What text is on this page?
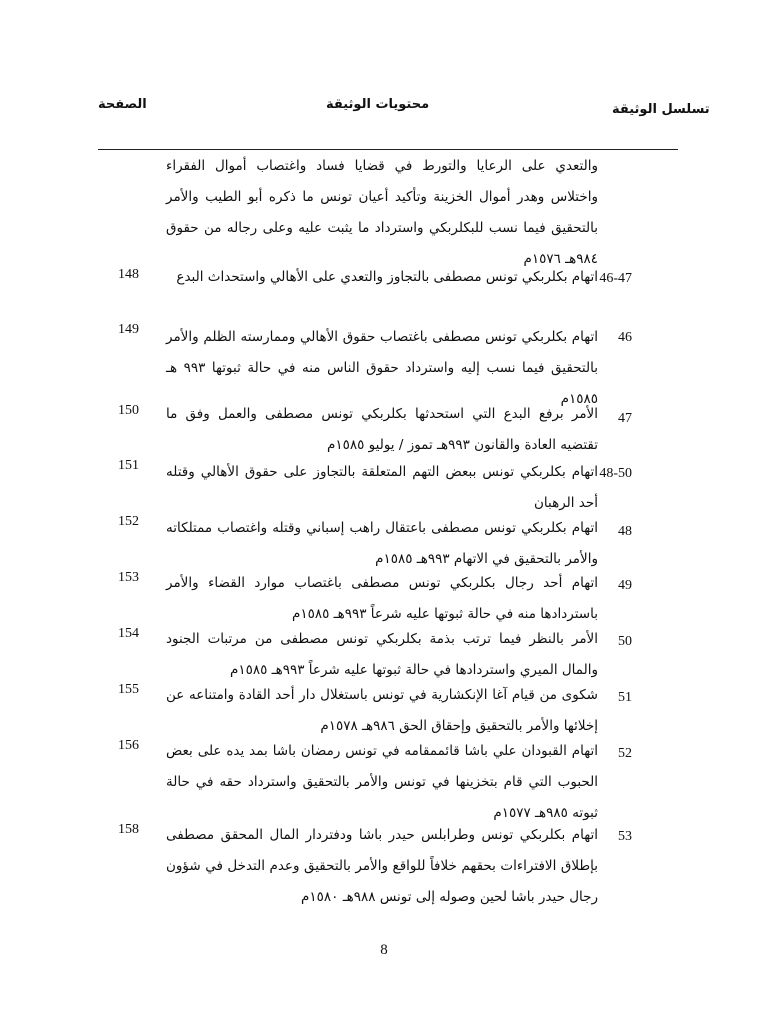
تسلسل الوثيقة
محتويات الوثيقة
الصفحة
والتعدي على الرعايا والتورط في قضايا فساد واغتصاب أموال الفقراء واختلاس وهدر أموال الخزينة وتأكيد أعيان تونس ما ذكره أبو الطيب والأمر بالتحقيق فيما نسب للبكلربكي واسترداد ما يثبت عليه وعلى رجاله من حقوق ٩٨٤هـ ١٥٧٦م
46-47
اتهام بكلربكي تونس مصطفى بالتجاوز والتعدي على الأهالي واستحداث البدع
148
46
اتهام بكلربكي تونس مصطفى باغتصاب حقوق الأهالي وممارسته الظلم والأمر بالتحقيق فيما نسب إليه واسترداد حقوق الناس منه في حالة ثبوتها ٩٩٣ هـ ١٥٨٥م
149
47
الأمر برفع البدع التي استحدثها بكلربكي تونس مصطفى والعمل وفق ما تقتضيه العادة والقانون ٩٩٣هـ تموز / يوليو ١٥٨٥م
150
48-50
اتهام بكلربكي تونس ببعض التهم المتعلقة بالتجاوز على حقوق الأهالي وقتله أحد الرهبان
151
48
اتهام بكلربكي تونس مصطفى باعتقال راهب إسباني وقتله واغتصاب ممتلكاته والأمر بالتحقيق في الاتهام ٩٩٣هـ ١٥٨٥م
152
49
اتهام أحد رجال بكلربكي تونس مصطفى باغتصاب موارد القضاء والأمر باستردادها منه في حالة ثبوتها عليه شرعاً ٩٩٣هـ ١٥٨٥م
153
50
الأمر بالنظر فيما ترتب بذمة بكلربكي تونس مصطفى من مرتبات الجنود والمال الميري واستردادها في حالة ثبوتها عليه شرعاً ٩٩٣هـ ١٥٨٥م
154
51
شكوى من قيام آغا الإنكشارية في تونس باستغلال دار أحد القادة وامتناعه عن إخلائها والأمر بالتحقيق وإحقاق الحق ٩٨٦هـ ١٥٧٨م
155
52
اتهام القبودان علي باشا قائممقامه في تونس رمضان باشا بمد يده على بعض الحبوب التي قام بتخزينها في تونس والأمر بالتحقيق واسترداد حقه في حالة ثبوته ٩٨٥هـ ١٥٧٧م
156
53
اتهام بكلربكي تونس وطرابلس حيدر باشا ودفتردار المال المحقق مصطفى بإطلاق الافتراءات بحقهم خلافاً للواقع والأمر بالتحقيق وعدم التدخل في شؤون رجال حيدر باشا لحين وصوله إلى تونس ٩٨٨هـ ١٥٨٠م
158
8
